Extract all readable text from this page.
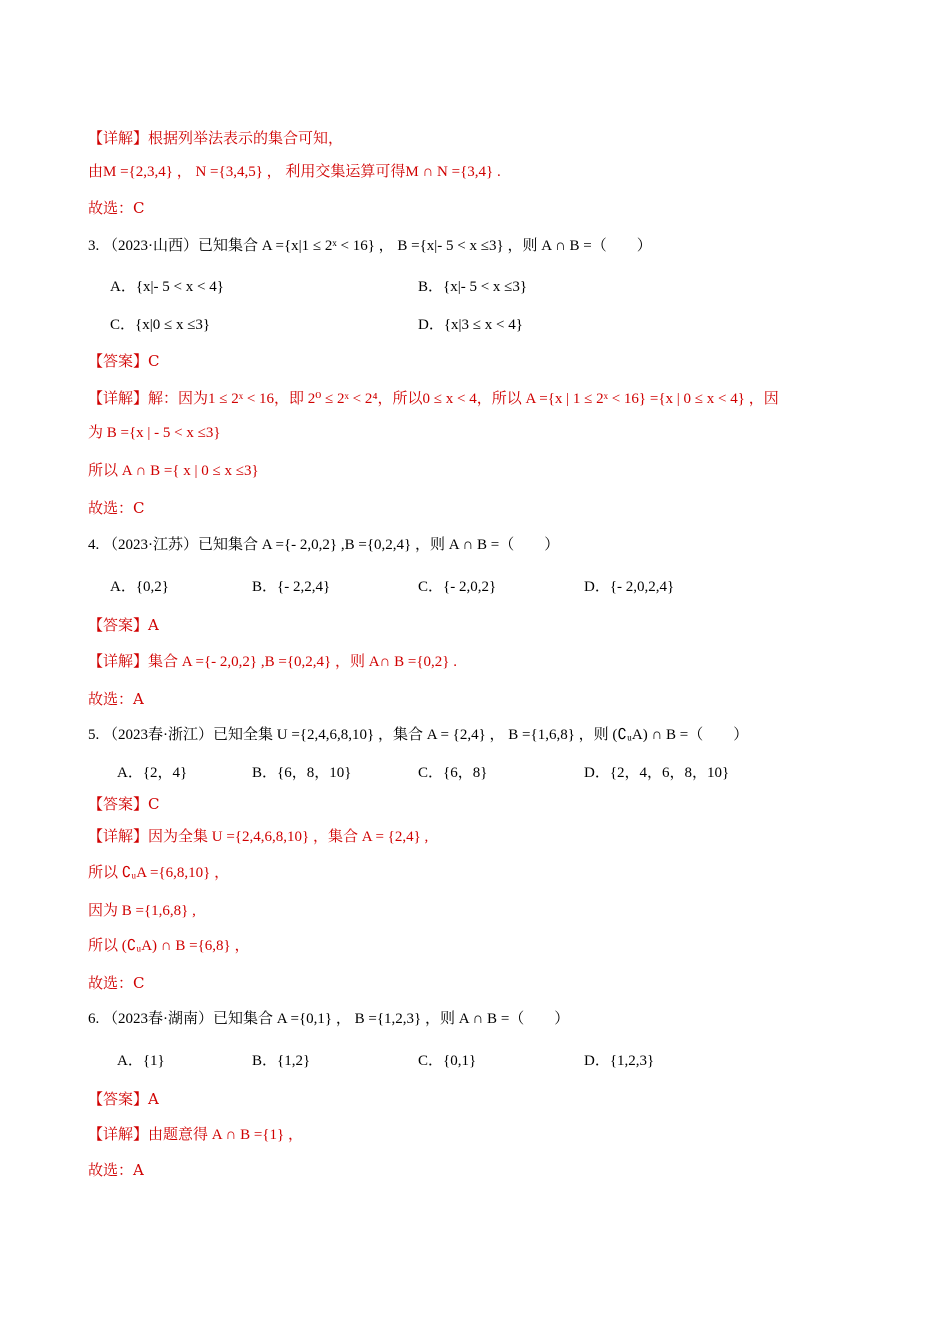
【详解】根据列举法表示的集合可知，
由M ={2,3,4} ， N ={3,4,5} ， 利用交集运算可得M ∩ N ={3,4} .
故选：C
3. （2023·山西）已知集合 A ={x|1 ≤ 2ˣ < 16} ， B ={x|- 5 < x ≤3} ，则 A ∩ B =（　　）
A．{x|- 5 < x < 4}	B．{x|- 5 < x ≤3}
C．{x|0 ≤ x ≤3}	D．{x|3 ≤ x < 4}
【答案】C
【详解】解：因为1 ≤ 2ˣ < 16，即 2⁰ ≤ 2ˣ < 2⁴，所以0 ≤ x < 4，所以 A ={x | 1 ≤ 2ˣ < 16} ={x | 0 ≤ x < 4} ，因
为 B ={x | - 5 < x ≤3}
所以 A ∩ B ={ x | 0 ≤ x ≤3}
故选：C
4. （2023·江苏）已知集合 A ={- 2,0,2} ,B ={0,2,4} ，则 A ∩ B =（　　）
A．{0,2}	B．{- 2,2,4}	C．{- 2,0,2}	D．{- 2,0,2,4}
【答案】A
【详解】集合 A ={- 2,0,2} ,B ={0,2,4} ，则 A∩ B ={0,2} .
故选：A
5. （2023春·浙江）已知全集 U ={2,4,6,8,10} ，集合 A = {2,4} ， B ={1,6,8} ，则 (∁ᵤA) ∩ B =（　　）
A．{2，4}	B．{6，8，10}	C．{6，8}	D．{2，4，6，8，10}
【答案】C
【详解】因为全集 U ={2,4,6,8,10} ，集合 A = {2,4} ,
所以 ∁ᵤA ={6,8,10} ，
因为 B ={1,6,8} ,
所以 (∁ᵤA) ∩ B ={6,8} ，
故选：C
6. （2023春·湖南）已知集合 A ={0,1} ， B ={1,2,3} ，则 A ∩ B =（　　）
A．{1}	B．{1,2}	C．{0,1}	D．{1,2,3}
【答案】A
【详解】由题意得 A ∩ B ={1} ，
故选：A
